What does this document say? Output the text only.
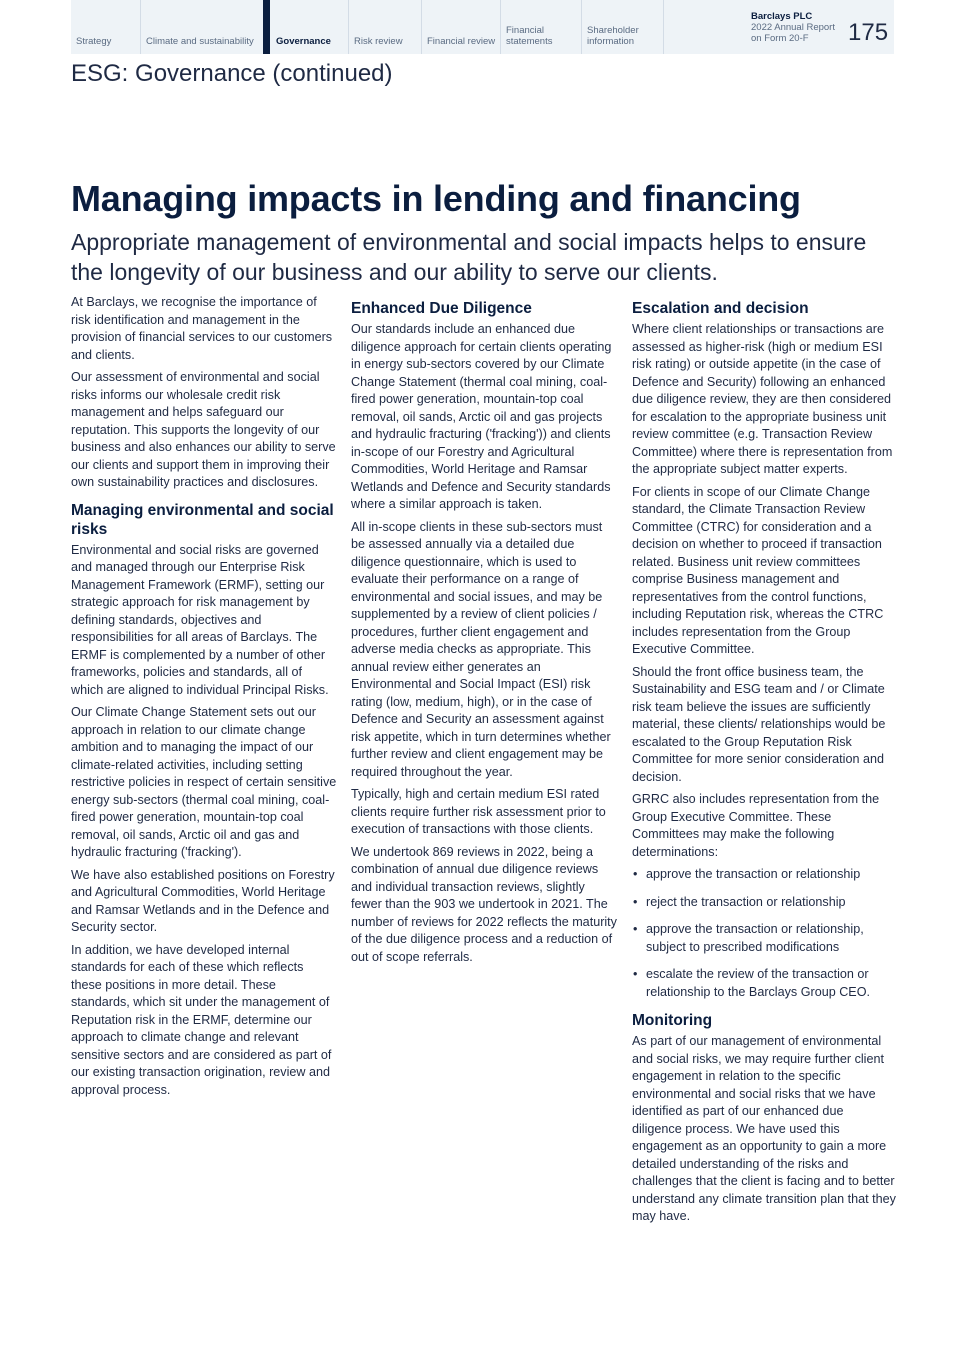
Strategy	Climate and sustainability	Governance Risk review	Financial review
Financial statements
Shareholder information
Barclays PLC
2022 Annual Report
on Form 20-F	175
ESG: Governance (continued)
Managing impacts in lending and financing

Appropriate management of environmental and social impacts helps to ensure the longevity of our business and our ability to serve our clients.

At Barclays, we recognise the importance of risk identification and management in the provision of financial services to our customers and clients.

Our assessment of environmental and social risks informs our wholesale credit risk management and helps safeguard our reputation. This supports the longevity of our business and also enhances our ability to serve our clients and support them in improving their own sustainability practices and disclosures.

Managing environmental and social risks

Environmental and social risks are governed and managed through our Enterprise Risk Management Framework (ERMF), setting our strategic approach for risk management by defining standards, objectives and responsibilities for all areas of Barclays. The ERMF is complemented by a number of other frameworks, policies and standards, all of which are aligned to individual Principal Risks.

Our Climate Change Statement sets out our approach in relation to our climate change ambition and to managing the impact of our climate-related activities, including setting restrictive policies in respect of certain sensitive energy sub-sectors (thermal coal mining, coal-fired power generation, mountain-top coal removal, oil sands, Arctic oil and gas and hydraulic fracturing ('fracking').

We have also established positions on Forestry and Agricultural Commodities, World Heritage and Ramsar Wetlands and in the Defence and Security sector.

In addition, we have developed internal standards for each of these which reflects these positions in more detail. These standards, which sit under the management of Reputation risk in the ERMF, determine our approach to climate change and relevant sensitive sectors and are considered as part of our existing transaction origination, review and approval process.

Enhanced Due Diligence

Our standards include an enhanced due diligence approach for certain clients operating in energy sub-sectors covered by our Climate Change Statement (thermal coal mining, coal-fired power generation, mountain-top coal removal, oil sands, Arctic oil and gas projects and hydraulic fracturing ('fracking')) and clients in-scope of our Forestry and Agricultural Commodities, World Heritage and Ramsar Wetlands and Defence and Security standards where a similar approach is taken.

All in-scope clients in these sub-sectors must be assessed annually via a detailed due diligence questionnaire, which is used to evaluate their performance on a range of environmental and social issues, and may be supplemented by a review of client policies / procedures, further client engagement and adverse media checks as appropriate. This annual review either generates an Environmental and Social Impact (ESI) risk rating (low, medium, high), or in the case of Defence and Security an assessment against risk appetite, which in turn determines whether further review and client engagement may be required throughout the year.

Typically, high and certain medium ESI rated clients require further risk assessment prior to execution of transactions with those clients.

We undertook 869 reviews in 2022, being a combination of annual due diligence reviews and individual transaction reviews, slightly fewer than the 903 we undertook in 2021. The number of reviews for 2022 reflects the maturity of the due diligence process and a reduction of out of scope referrals.

Escalation and decision

Where client relationships or transactions are assessed as higher-risk (high or medium ESI risk rating) or outside appetite (in the case of Defence and Security) following an enhanced due diligence review, they are then considered for escalation to the appropriate business unit review committee (e.g. Transaction Review Committee) where there is representation from the appropriate subject matter experts.

For clients in scope of our Climate Change standard, the Climate Transaction Review Committee (CTRC) for consideration and a decision on whether to proceed if transaction related. Business unit review committees comprise Business management and representatives from the control functions, including Reputation risk, whereas the CTRC includes representation from the Group Executive Committee.

Should the front office business team, the Sustainability and ESG team and / or Climate risk team believe the issues are sufficiently material, these clients/ relationships would be escalated to the Group Reputation Risk Committee for more senior consideration and decision.

GRRC also includes representation from the Group Executive Committee. These Committees may make the following determinations:

• approve the transaction or relationship
• reject the transaction or relationship
• approve the transaction or relationship, subject to prescribed modifications
• escalate the review of the transaction or relationship to the Barclays Group CEO.
Monitoring

As part of our management of environmental and social risks, we may require further client engagement in relation to the specific environmental and social risks that we have identified as part of our enhanced due diligence process. We have used this engagement as an opportunity to gain a more detailed understanding of the risks and challenges that the client is facing and to better understand any climate transition plan that they may have.
